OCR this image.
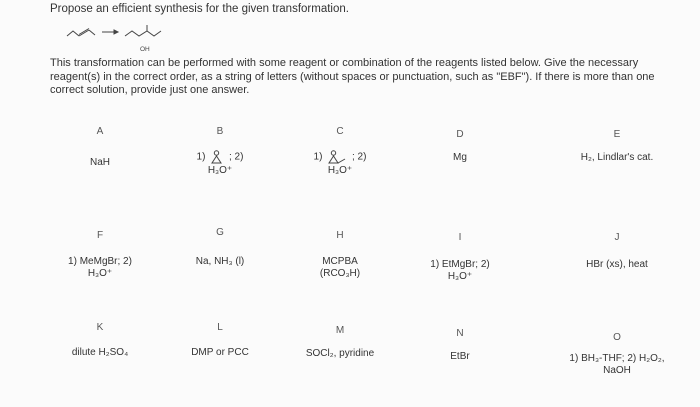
Propose an efficient synthesis for the given transformation.
OH
This transformation can be performed with some reagent or combination of the reagents listed below. Give the necessary reagent(s) in the correct order, as a string of letters (without spaces or punctuation, such as "EBF"). If there is more than one correct solution, provide just one answer.
A
NaH
B
1) ; 2)
H₃O⁺
C
1)	; 2)
H₃O⁺
D
Mg
E
H₂, Lindlar's cat.
F
1) MeMgBr; 2)
H₃O⁺
G
Na, NH₃ (l)
H
MCPBA
(RCO₃H)
I
1) EtMgBr; 2)
H₃O⁺
J
HBr (xs), heat
K
dilute H₂SO₄
L
DMP or PCC
M
SOCl₂, pyridine
N
EtBr
O
1) BH₃-THF; 2) H₂O₂,
NaOH
